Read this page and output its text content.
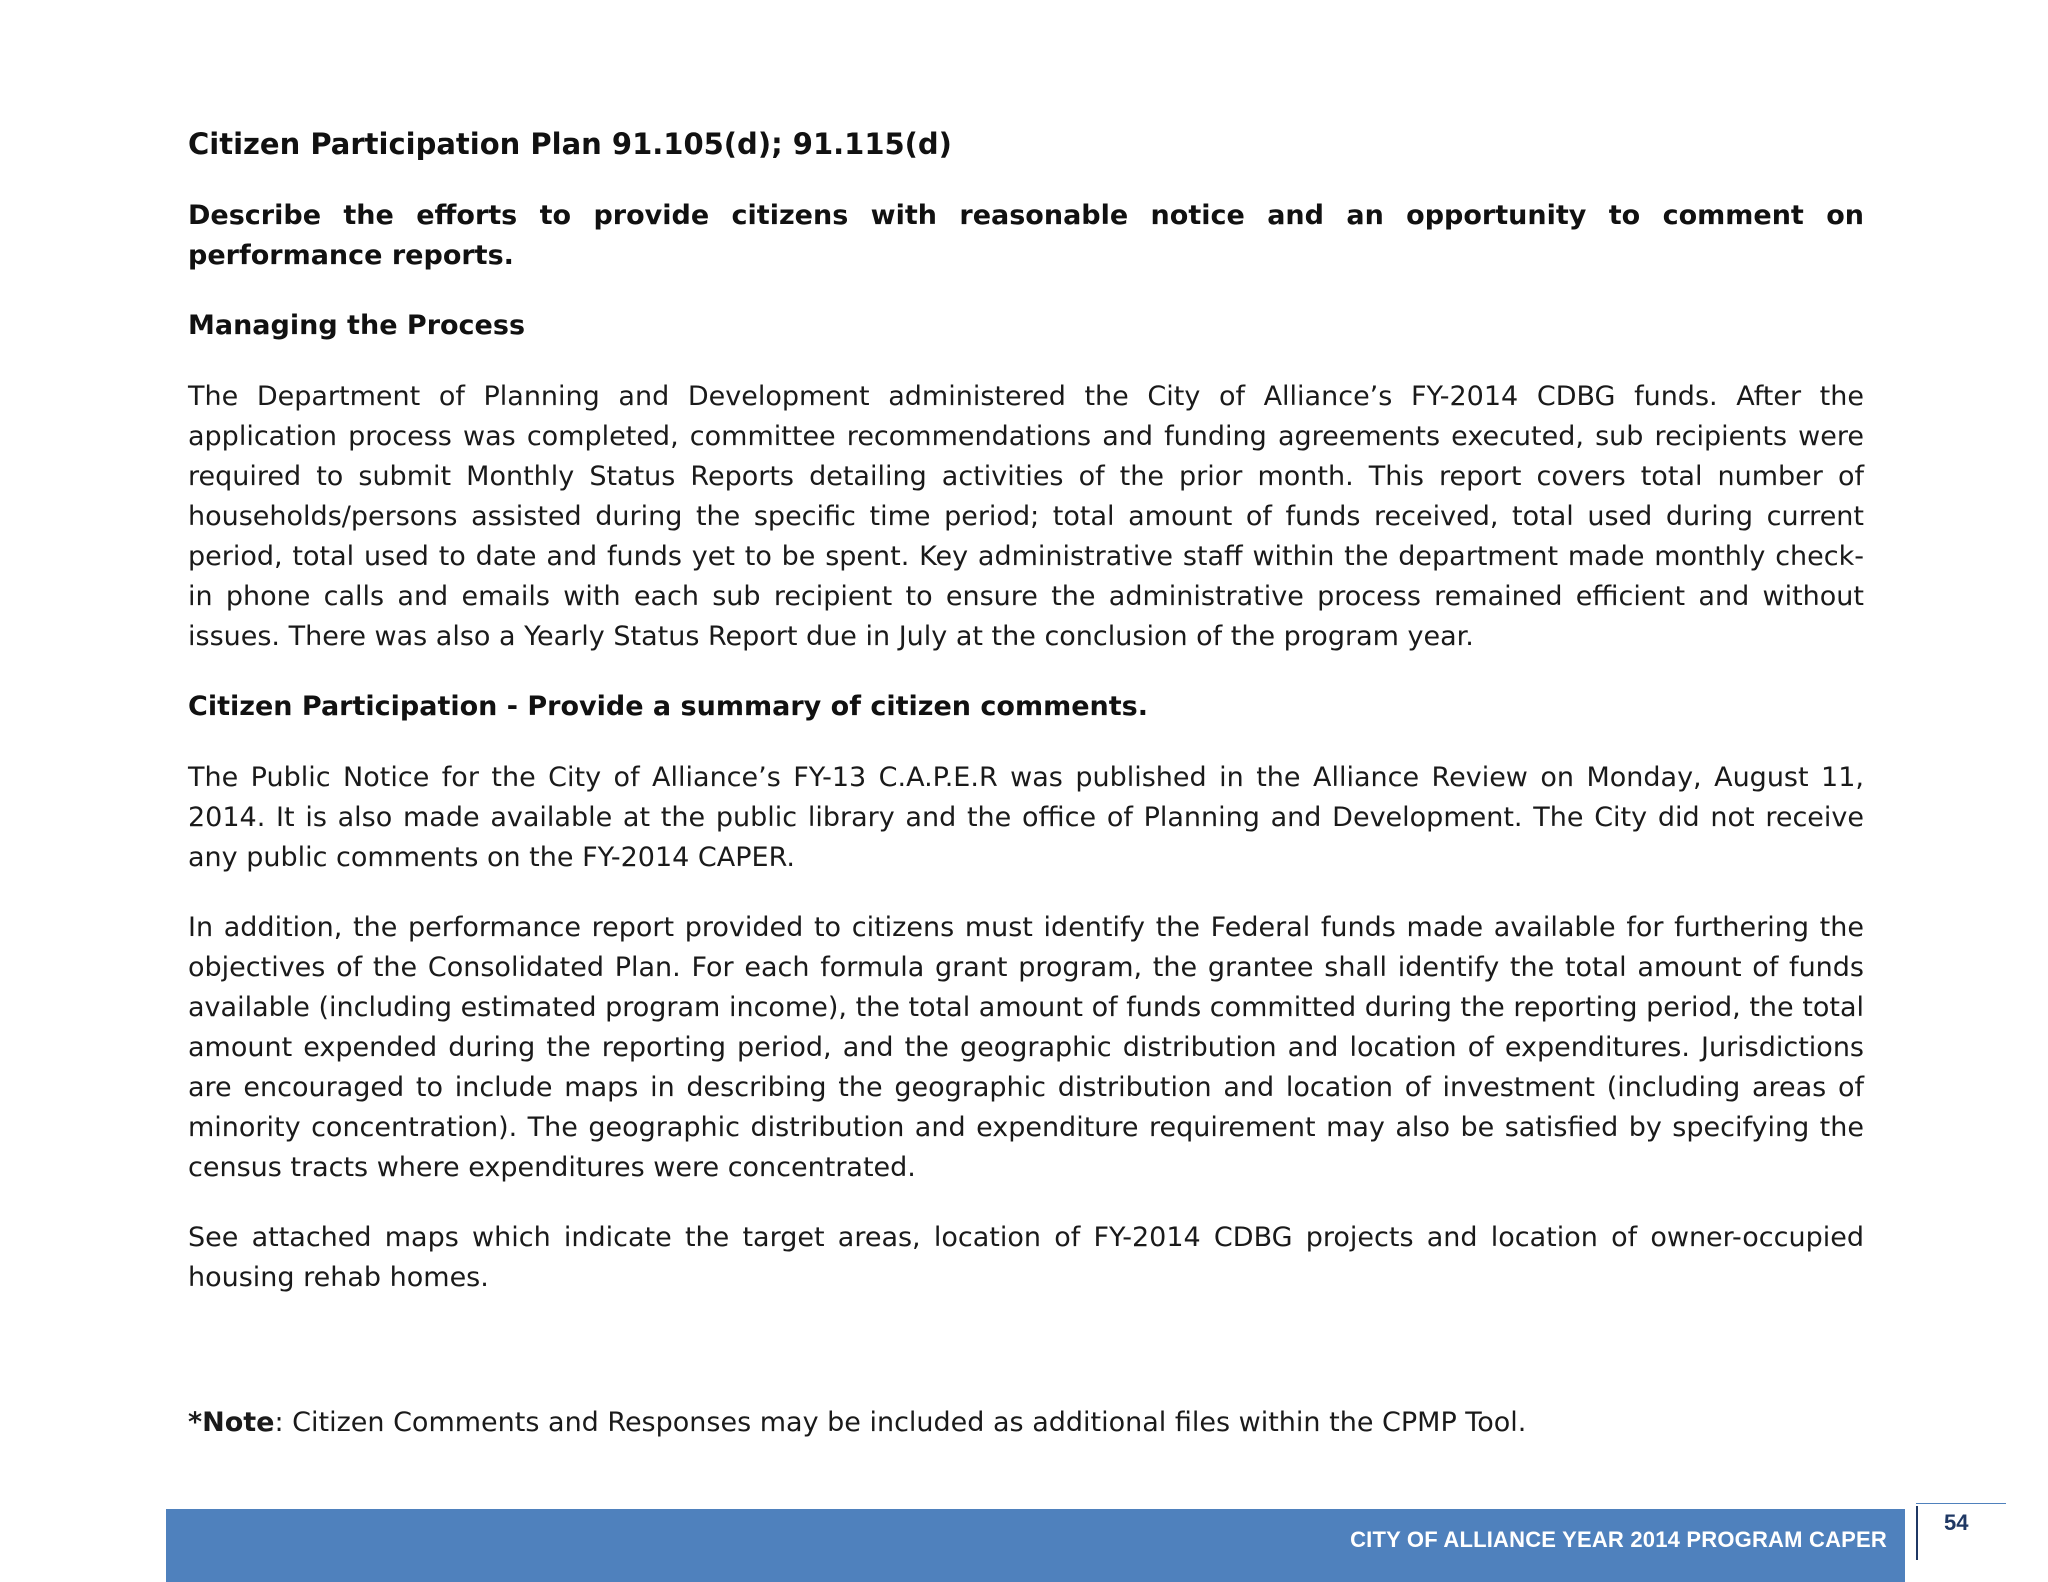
Citizen Participation Plan 91.105(d); 91.115(d)
Describe the efforts to provide citizens with reasonable notice and an opportunity to comment on performance reports.
Managing the Process
The Department of Planning and Development administered the City of Alliance’s FY-2014 CDBG funds. After the application process was completed, committee recommendations and funding agreements executed, sub recipients were required to submit Monthly Status Reports detailing activities of the prior month. This report covers total number of households/persons assisted during the specific time period; total amount of funds received, total used during current period, total used to date and funds yet to be spent. Key administrative staff within the department made monthly check-in phone calls and emails with each sub recipient to ensure the administrative process remained efficient and without issues. There was also a Yearly Status Report due in July at the conclusion of the program year.
Citizen Participation - Provide a summary of citizen comments.
The Public Notice for the City of Alliance’s FY-13 C.A.P.E.R was published in the Alliance Review on Monday, August 11, 2014. It is also made available at the public library and the office of Planning and Development. The City did not receive any public comments on the FY-2014 CAPER.
In addition, the performance report provided to citizens must identify the Federal funds made available for furthering the objectives of the Consolidated Plan. For each formula grant program, the grantee shall identify the total amount of funds available (including estimated program income), the total amount of funds committed during the reporting period, the total amount expended during the reporting period, and the geographic distribution and location of expenditures. Jurisdictions are encouraged to include maps in describing the geographic distribution and location of investment (including areas of minority concentration). The geographic distribution and expenditure requirement may also be satisfied by specifying the census tracts where expenditures were concentrated.
See attached maps which indicate the target areas, location of FY-2014 CDBG projects and location of owner-occupied housing rehab homes.
*Note: Citizen Comments and Responses may be included as additional files within the CPMP Tool.
CITY OF ALLIANCE YEAR 2014 PROGRAM CAPER
54
